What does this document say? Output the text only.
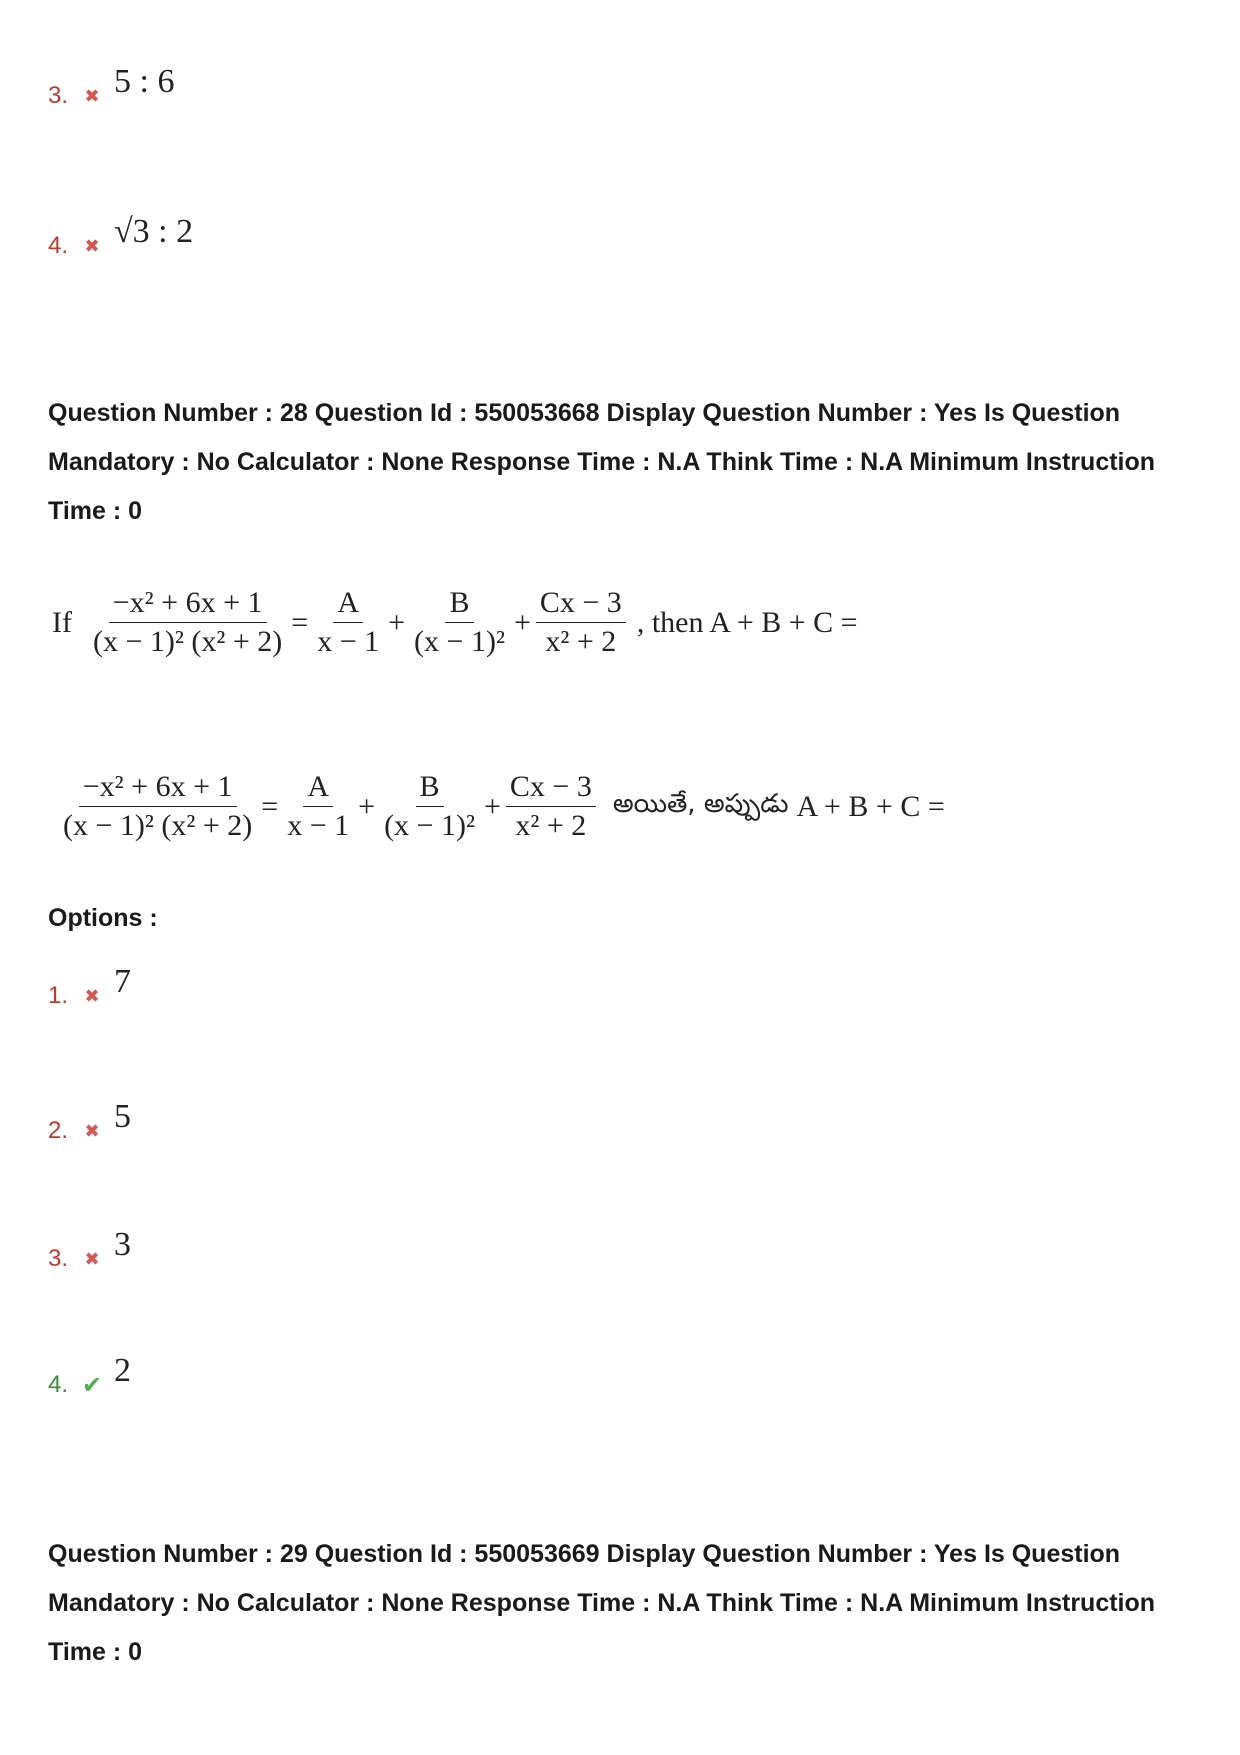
3. ✖ 5 : 6
4. ✖ √3 : 2

Question Number : 28 Question Id : 550053668 Display Question Number : Yes Is Question

Mandatory : No Calculator : None Response Time : N.A Think Time : N.A Minimum Instruction

Time : 0

If $\frac{\text{−x² + 6x + 1}}{\text{(x − 1)² (x² + 2)}} = \frac{A}{x - 1} + \frac{B}{\text{(x − 1)²}} + \frac{Cx - 3}{\text{x² + 2}}$ , then A + B + C =
$\frac{\text{−x² + 6x + 1}}{\text{(x − 1)² (x² + 2)}} = \frac{A}{x - 1} + \frac{B}{\text{(x − 1)²}} + \frac{Cx - 3}{\text{x² + 2}}$ అయితే, అప్పుడు A + B + C =
Options :
1. ✖ 7
2. ✖ 5
3. ✖ 3
4. ✔ 2

Question Number : 29 Question Id : 550053669 Display Question Number : Yes Is Question

Mandatory : No Calculator : None Response Time : N.A Think Time : N.A Minimum Instruction

Time : 0
